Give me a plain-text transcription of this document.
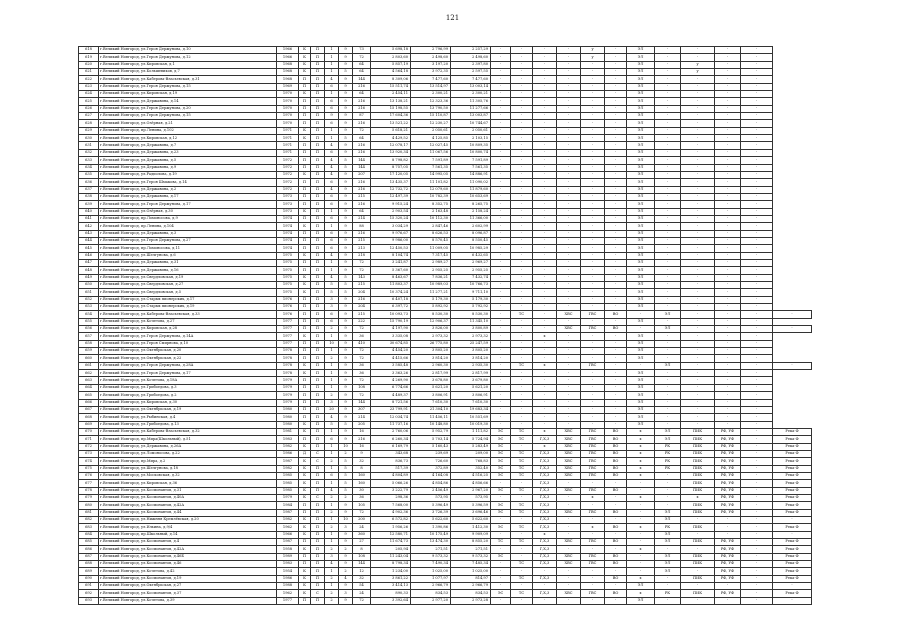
121
618	г.Великий Новгород, ул.Героя Держунова, д.10	1966	К	П	1	9	73	5 698,18	2 796,99	2 257,29	-	-	-	-	у	-	ЭЛ	-	-	-	-	
619	г.Великий Новгород, ул.Героя Держунова, д.12	1966	К	П	1	9	72	2 803,60	2 498,60	2 498,60	-	-	-	-	у	-	ЭЛ	-	-	-	-	
620	г.Великий Новгород, ул.Кировская, д.1	1968	К	П	1	9	64	5 857,19	3 197,20	2 397,80	-	-	-	-	-	-	ЭЛ	-	у	-	-	
621	г.Великий Новгород, ул.Большевиков, д.7	1968	К	П	1	5	64	4 564,18	3 972,35	2 597,55	-	-	-	-	-	-	ЭЛ	-	у	-	-	
622	г.Великий Новгород, ул.Каберова-Власьевская, д.31	1968	П	П	4	9	144	8 309,06	7 477,60	7 477,60	-	-	-	-	-	-	ЭЛ	-	-	-	-	
623	г.Великий Новгород, ул.Героя Держунова, д.15	1969	П	П	6	9	216	15 511,74	13 514,97	13 003,14	-	-	-	-	-	-	ЭЛ	-	-	-	-	
624	г.Великий Новгород, ул.Кировская, д.19	1970	К	П	1	9	64	2 454,11	2 300,21	2 300,21	-	-	-	-	-	-	ЭЛ	-	-	-	-	
625	г.Великий Новгород, ул.Державина, д.14	1970	П	П	6	9	216	13 138,21	12 323,36	11 305,76	-	-	-	-	-	-	ЭЛ	-	-	-	-	
626	г.Великий Новгород, ул.Героя Держунова, д.20	1970	П	П	6	9	216	15 198,55	13 790,50	11 277,66	-	-	-	-	-	-	ЭЛ	-	-	-	-	
627	г.Великий Новгород, ул.Героя Держунова, д.15	1970	П	П	9	9	87	17 604,36	15 110,87	13 003,87	-	-	-	-	-	-	ЭЛ	-	-	-	-	
628	г.Великий Новгород, ул.Озёрная, д.21	1970	П	П	6	9	216	13 521,22	12 230,27	10 744,67	-	-	-	-	-	-	ЭЛ	-	-	-	-	
629	г.Великий Новгород, пр.Ленина, д.102	1971	К	П	1	9	72	5 618,21	2 050,61	2 050,61	-	-	-	-	-	-	ЭЛ	-	-	-	-	
630	г.Великий Новгород, ул.Кировская, д.12	1971	К	П	1	5	64	4 429,52	4 125,85	2 103,15	-	-	-	-	-	-	ЭЛ	-	-	-	-	
631	г.Великий Новгород, ул.Державина, д.7	1971	П	П	4	9	216	12 078,17	12 027,45	10 809,35	-	-	-	-	-	-	ЭЛ	-	-	-	-	
632	г.Великий Новгород, ул.Державина, д.23	1971	П	П	6	9	216	13 920,34	11 067,56	10 800,74	-	-	-	-	-	-	ЭЛ	-	-	-	-	
633	г.Великий Новгород, ул.Державина, д.5	1972	П	П	4	5	144	8 798,82	7 591,89	7 591,89	-	-	-	-	-	-	ЭЛ	-	-	-	-	
634	г.Великий Новгород, ул.Державина, д.9	1972	П	П	4	5	144	8 757,05	7 561,35	7 561,35	-	-	-	-	-	-	ЭЛ	-	-	-	-	
635	г.Великий Новгород, ул.Радиолова, д.19	1972	К	П	4	9	207	17 120,05	14 995,05	14 886,91	-	-	-	-	-	-	ЭЛ	-	-	-	-	
636	г.Великий Новгород, ул.Героя Шмакова, д.14	1972	П	П	6	9	216	13 435,37	11 101,82	11 090,02	-	-	-	-	-	-	ЭЛ	-	-	-	-	
637	г.Великий Новгород, ул.Державина, д.2	1972	П	П	4	9	216	12 732,72	12 079,60	11 879,60	-	-	-	-	-	-	ЭЛ	-	-	-	-	
638	г.Великий Новгород, ул.Державина, д.17	1973	П	П	6	9	215	12 497,39	10 782,39	10 653,69	-	-	-	-	-	-	ЭЛ	-	-	-	-	
639	г.Великий Новгород, ул.Героя Держунова, д.17	1973	П	П	6	9	216	9 915,24	8 352,75	8 265,75	-	-	-	-	-	-	ЭЛ	-	-	-	-	
640	г.Великий Новгород, ул.Озёрная, д.30	1973	К	П	1	9	64	2 903,54	2 163,48	2 158,24	-	-	-	-	-	-	ЭЛ	-	-	-	-	
641	г.Великий Новгород, пр.Ломоносова, д.9	1974	П	П	6	9	214	15 320,24	10 112,30	11 366,00	-	-	-	-	-	-	ЭЛ	-	-	-	-	
642	г.Великий Новгород, пр.Ленина, д.104	1974	К	П	1	9	88	3 034,29	2 847,46	2 602,99	-	-	-	-	-	-	ЭЛ	-	-	-	-	
643	г.Великий Новгород, ул.Державина, д.3	1974	П	П	6	9	216	9 976,67	8 626,53	8 096,87	-	-	-	-	-	-	ЭЛ	-	-	-	-	
644	г.Великий Новгород, ул.Героя Держунова, д.27	1974	П	П	6	9	215	9 986,00	8 570,45	8 550,45	-	-	-	-	-	-	ЭЛ	-	-	-	-	
645	г.Великий Новгород, пр.Ломоносова, д.11	1974	П	П	6	9	213	12 450,53	11 009,05	10 985,29	-	-	-	-	-	-	ЭЛ	-	-	-	-	
646	г.Великий Новгород, ул.Шелгунова, д.6	1975	К	П	4	9	218	8 104,74	7 317,45	6 432,65	-	-	-	-	-	-	ЭЛ	-	-	-	-	
647	г.Великий Новгород, ул.Державина, д.31	1975	П	П	1	9	72	3 241,87	2 989,27	2 969,27	-	-	-	-	-	-	ЭЛ	-	-	-	-	
648	г.Великий Новгород, ул.Державина, д.16	1975	П	П	1	9	72	5 367,60	2 955,25	2 955,25	-	-	-	-	-	-	ЭЛ	-	-	-	-	
649	г.Великий Новгород, ул.Свердловская, д.19	1975	К	П	4	5	143	8 463,67	7 836,21	7 432,74	-	-	-	-	-	-	ЭЛ	-	-	-	-	
650	г.Великий Новгород, ул.Свердловская, д.27	1975	К	П	5	5	215	11 803,37	10 989,03	10 766,73	-	-	-	-	-	-	ЭЛ	-	-	-	-	
651	г.Великий Новгород, ул.Свердловская, д.5	1975	К	П	5	5	204	10 374,24	11 277,21	9 711,10	-	-	-	-	-	-	ЭЛ	-	-	-	-	
652	г.Великий Новгород, ул.Старых пионерских, д.17	1976	П	П	3	9	216	6 407,18	5 179,30	5 179,30	-	-	-	-	-	-	ЭЛ	-	-	-	-	
653	г.Великий Новгород, ул.Старых пионерских, д.19	1976	П	П	3	9	204	6 397,72	5 892,92	5 792,92	-	-	-	-	-	-	ЭЛ	-	-	-	-	
654	г.Великий Новгород, ул.Каберова-Власьевская, д.33	1976	П	П	6	9	215	10 093,73	8 530,30	8 530,30	-	ТС	-	ХВС	ГВС	ВО	-	ЭЛ	-	-	-	-
655	г.Великий Новгород, ул.Кочетова, д.27	1977	П	П	6	9	222	15 790,19	12 906,37	11 345,10	-	-	-	-	-	-	ЭЛ	-	-	-	-	
656	г.Великий Новгород, ул.Кировская, д.28	1977	П	П	2	9	72	4 197,90	3 826,00	3 800,89	-	-	-	ХВС	ГВС	ВО	-	ЭЛ	-	-	-	-
657	г.Великий Новгород, ул.Героя Держунова, д.14А	1977	К	П	1	9	36	3 335,08	2 973,32	2 973,32	-	-	х	-	-	-	ЭЛ	-	-	-	-	
658	г.Великий Новгород, ул.Героя Смирнова, д.10	1977	П	П	10	9	410	30 674,85	26 775,80	25 247,59	-	-	-	-	-	-	ЭЛ	-	-	-	-	
659	г.Великий Новгород, ул.Октябрьская, д.20	1978	П	П	1	9	72	4 454,20	3 805,20	3 805,20	-	-	-	-	-	-	ЭЛ	-	-	-	-	
660	г.Великий Новгород, ул.Октябрьская, д.22	1978	П	П	2	9	72	4 415,66	3 814,20	3 814,20	-	-	-	-	-	-	ЭЛ	-	-	-	-	
661	г.Великий Новгород, ул.Героя Держунова, д.28А	1978	К	П	1	9	36	3 585,48	2 960,30	2 935,30	-	ТС	х	-	ГВС	-	-	ЭЛ	-	-	-	-
662	г.Великий Новгород, ул.Героя Держунова, д.17	1978	К	П	1	9	36	3 363,26	2 817,99	2 817,99	-	-	-	-	-	-	ЭЛ	-	-	-	-	
663	г.Великий Новгород, ул.Кочетова, д.18А	1979	П	П	1	9	72	4 269,90	3 678,80	3 679,80	-	-	-	-	-	-	ЭЛ	-	-	-	-	
664	г.Великий Новгород, ул.Грибоедова, д.3	1979	П	П	1	9	108	6 774,66	5 621,20	5 621,20	-	-	-	-	-	-	ЭЛ	-	-	-	-	
665	г.Великий Новгород, ул.Грибоедова, д.2	1979	П	П	2	9	72	4 489,37	3 806,91	3 806,91	-	-	-	-	-	-	ЭЛ	-	-	-	-	
666	г.Великий Новгород, ул.Кировская, д.30	1979	П	П	3	9	144	8 721,56	7 610,30	7 610,30	-	-	-	-	-	-	ЭЛ	-	-	-	-	
667	г.Великий Новгород, ул.Октябрьская, д.19	1980	П	П	20	9	307	23 799,91	21 304,10	19 683,34	-	-	-	-	-	-	ЭЛ	-	-	-	-	
668	г.Великий Новгород, ул.Рыбинская, д.4	1980	П	П	4	9	214	12 034,74	11 456,11	10 551,69	-	-	-	-	-	-	ЭЛ	-	-	-	-	
669	г.Великий Новгород, ул.Грибоедова, д.13	1980	К	П	5	5	205	11 737,16	10 148,80	10 019,30	-	-	-	-	-	-	ЭЛ	-	-	-	-	
670	г.Великий Новгород, ул.Каберова-Власьевская, д.32	1981	К	П	1	9	16	2 760,06	5 952,79	1 111,82	ЭС	ТС	х	ХВС	ГВС	ВО	х	ЭЛ	ПИК	РФ, УФ	-	Река-Ф
671	г.Великий Новгород, пр.Мира(Школьный), д.51	1983	П	П	6	9	216	6 260,34	5 703,14	5 724,94	ЭС	ТС	Г,Х,3	ХВС	ГВС	ВО	х	ЭЛ	ПИК	РФ, УФ	-	Река-Ф
672	г.Великий Новгород, ул.Державина, д.26А	1982	К	П	1	10	16	6 169,79	5 160,43	5 283,49	ЭС	-	х	ХВС	ГВС	ВО	х	РК	ПИК	РФ, УФ	-	Река-Ф
673	г.Великий Новгород, ул.Ломоносова, д.22	1986	Д	С	1	2	9	343,68	239,69	209,00	ЭС	ТС	Г,Х,3	ХВС	ГВС	ВО	х	РК	ПИК	РФ, УФ	-	Река-Ф
674	г.Великий Новгород, пр.Мира, д.2	1987	К	С	2	5	32	836,73	726,60	768,83	ЭС	ТС	Г,Х,3	ХВС	ГВС	ВО	х	РК	ПИК	РФ, УФ	-	Река-Ф
675	г.Великий Новгород, ул.Шелгунова, д.18	1982	К	П	1	5	8	517,39	372,89	352,40	ЭС	ТС	Г,Х,3	ХВС	ГВС	ВО	х	РК	ПИК	РФ, УФ	-	Река-Ф
676	г.Великий Новгород, ул.Московская, д.32	1985	К	П	6	5	160	4 804,89	4 164,08	4 516,25	ЭС	ТС	Г,Х,3	ХВС	ГВС	ВО	х	-	ПИК	РФ, УФ	-	Река-Ф
677	г.Великий Новгород, ул.Кировская, д.36	1985	К	П	1	5	160	5 066,26	4 854,86	4 856,66	-	-	Г,Х,3	-	-	-	-	-	ПИК	РФ, УФ	-	Река-Ф
678	г.Великий Новгород, ул.Космонавтов, д.31	1985	К	П	4	5	30	3 222,79	2 456,49	2 967,20	ЭС	ТС	Г,Х,3	ХВС	ГВС	ВО	-	-	ПИК	РФ, УФ	-	Река-Ф
679	г.Великий Новгород, ул.Космонавтов, д.40А	1979	К	С	2	2	36	298,36	573,95	573,95	-	-	Г,Х,3	-	х	-	х	-	х	РФ, УФ	-	Река-Ф
680	г.Великий Новгород, ул.Космонавтов, д.42А	1984	П	П	1	9	105	7 568,00	5 396,49	5 396,59	ЭС	ТС	Г,Х,3	-	-	-	-	-	ПИК	РФ, УФ	-	Река-Ф
681	г.Великий Новгород, ул.Космонавтов, д.44	1987	П	П	2	9	72	4 902,36	3 726,39	3 696,46	ЭС	ТС	Г,Х,3	ХВС	ГВС	ВО	-	ЭЛ	ПИК	РФ, УФ	-	Река-Ф
682	г.Великий Новгород, ул.Нижняя Кремлёвская, д.20	1982	К	П	1	10	200	6 572,82	5 622,60	5 622,60	-	-	Г,Х,3	-	-	-	-	ЭЛ	-	-	-	-
683	г.Великий Новгород, ул.Ильина, д.9/4	1962	К	П	2	3	24	1 956,26	1 390,86	1 412,30	ЭС	ТС	Г,Х,3	-	х	ВО	х	РК	ПИК	-	-	Река-Ф
684	г.Великий Новгород, пр.Школьный, д.14	1966	К	П	1	9	360	12 580,71	10 175,49	9 909,09	-	-	х	-	-	-	-	ЭЛ	-	-	-	-
685	г.Великий Новгород, ул.Космонавтов, д.4	1987	П	П	1	9	27	11 674,73	13 474,30	8 855,20	ТС	ТС	Г,Х,3	ХВС	ГВС	ВО	-	ЭЛ	ПИК	РФ, УФ	-	Река-Ф
686	г.Великий Новгород, ул.Космонавтов, д.42А	1958	К	П	2	2	8	205,94	271,51	271,51	-	-	Г,Х,3	-	-	-	х	-	-	РФ, УФ	-	Река-Ф
687	г.Великий Новгород, ул.Космонавтов, д.46Б	1989	П	П	3	9	108	11 243,04	9 573,32	9 573,32	ЭС	-	Г,Х,3	ХВС	ГВС	ВО	-	ЭЛ	ПИК	РФ, УФ	-	Река-Ф
688	г.Великий Новгород, ул.Космонавтов, д.46	1983	П	П	4	9	144	8 798,34	7 490,34	7 485,34	-	ТС	Г,Х,3	ХВС	ГВС	ВО	-	ЭЛ	ПИК	РФ, УФ	-	Река-Ф
689	г.Великий Новгород, ул.Кочетова, д.42	1954	К	П	1	2	12	1 234,00	1 025,00	1 025,00	-	-	-	-	-	-	-	ЭЛ	-	РФ, УФ	-	Река-Ф
690	г.Великий Новгород, ул.Космонавтов, д.19	1986	К	П	2	4	32	3 861,22	1 077,97	814,97	-	ТС	Г,Х,3	-	-	ВО	х	-	ПИК	РФ, УФ	-	Река-Ф
691	г.Великий Новгород, ул.Октябрьская, д.27	1988	К	П	1	9	54	3 414,13	2 966,79	2 966,79	-	-	-	-	-	-	ЭЛ	-	-	-	-	-
692	г.Великий Новгород, ул.Космонавтов, д.37	1962	К	С	2	3	24	890,33	834,53	834,53	ЭС	ТС	Г,Х,3	ХВС	ГВС	ВО	х	РК	ПИК	РФ, УФ	-	Река-Ф
693	г.Великий Новгород, ул.Кочетова, д.39	1977	П	П	2	9	72	3 392,64	2 977,20	2 973,28	-	-	-	-	-	-	ЭЛ	-	-	-	-	-
